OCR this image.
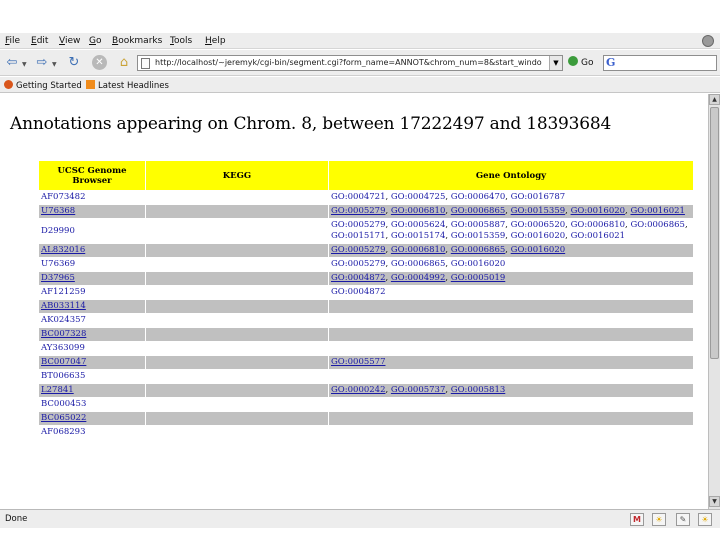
File Edit View Go Bookmarks Tools Help
⇦ ▼ ⇨ ▼ ↻	✕	⌂	http://localhost/~jeremyk/cgi-bin/segment.cgi?form_name=ANNOT&chrom_num=8&start_windo	▼	Go G
Getting Started	Latest Headlines
Annotations appearing on Chrom. 8, between 17222497 and 18393684
UCSC Genome Browser	KEGG	Gene Ontology
AF073482		GO:0004721, GO:0004725, GO:0006470, GO:0016787
U76368		GO:0005279, GO:0006810, GO:0006865, GO:0015359, GO:0016020, GO:0016021
D29990		GO:0005279, GO:0005624, GO:0005887, GO:0006520, GO:0006810, GO:0006865, GO:0015171, GO:0015174, GO:0015359, GO:0016020, GO:0016021
AL832016		GO:0005279, GO:0006810, GO:0006865, GO:0016020
U76369		GO:0005279, GO:0006865, GO:0016020
D37965		GO:0004872, GO:0004992, GO:0005019
AF121259		GO:0004872
AB033114		
AK024357		
BC007328		
AY363099		
BC007047		GO:0005577
BT006635		
L27841		GO:0000242, GO:0005737, GO:0005813
BC000453		
BC065022		
AF068293		
▲
▼
Done	M	☀	✎	☀
